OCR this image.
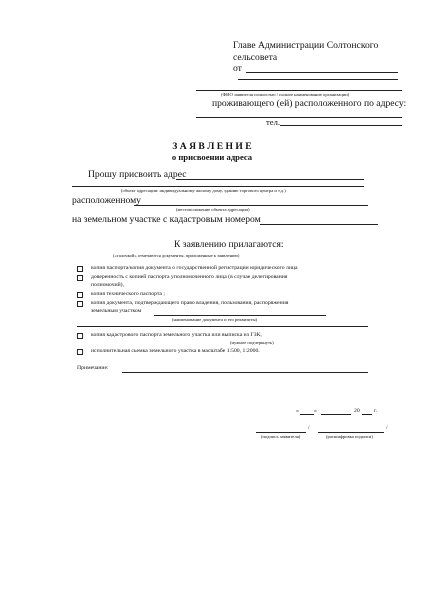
Главе Администрации Солтонского
сельсовета
от
(ФИО заявителя полностью / полное наименование организации)
проживающего (ей) расположенного по адресу:
тел.
З А Я В Л Е Н И Е
о присвоении адреса
Прошу присвоить адрес
(объект адресации: индивидуальному жилому дому, зданию торгового центра и т.д.)
расположенному
(местоположение объекта адресации)
на земельном участке с кадастровым номером
К заявлению прилагаются:
(«галочкой» отмечаются документы, приложенные к заявлению)
копия паспорта/копия документа о государственной регистрации юридического лица
доверенность с копией паспорта уполномоченного лица (в случае делегирования
полномочий),
копия технического паспорта ;
копия документа, подтверждающего право владения, пользования, распоряжения
земельным участком
(наименование документа и его реквизиты)
копия кадастрового паспорта земельного участка или выписка из ГЗК,
(нужное подчеркнуть)
исполнительная сьемка земельного участка в масштабе 1:500, 1:2000.
Примечание:
«	»	20	г.
/	/
(подпись заявителя)	(расшифровка подписи)
